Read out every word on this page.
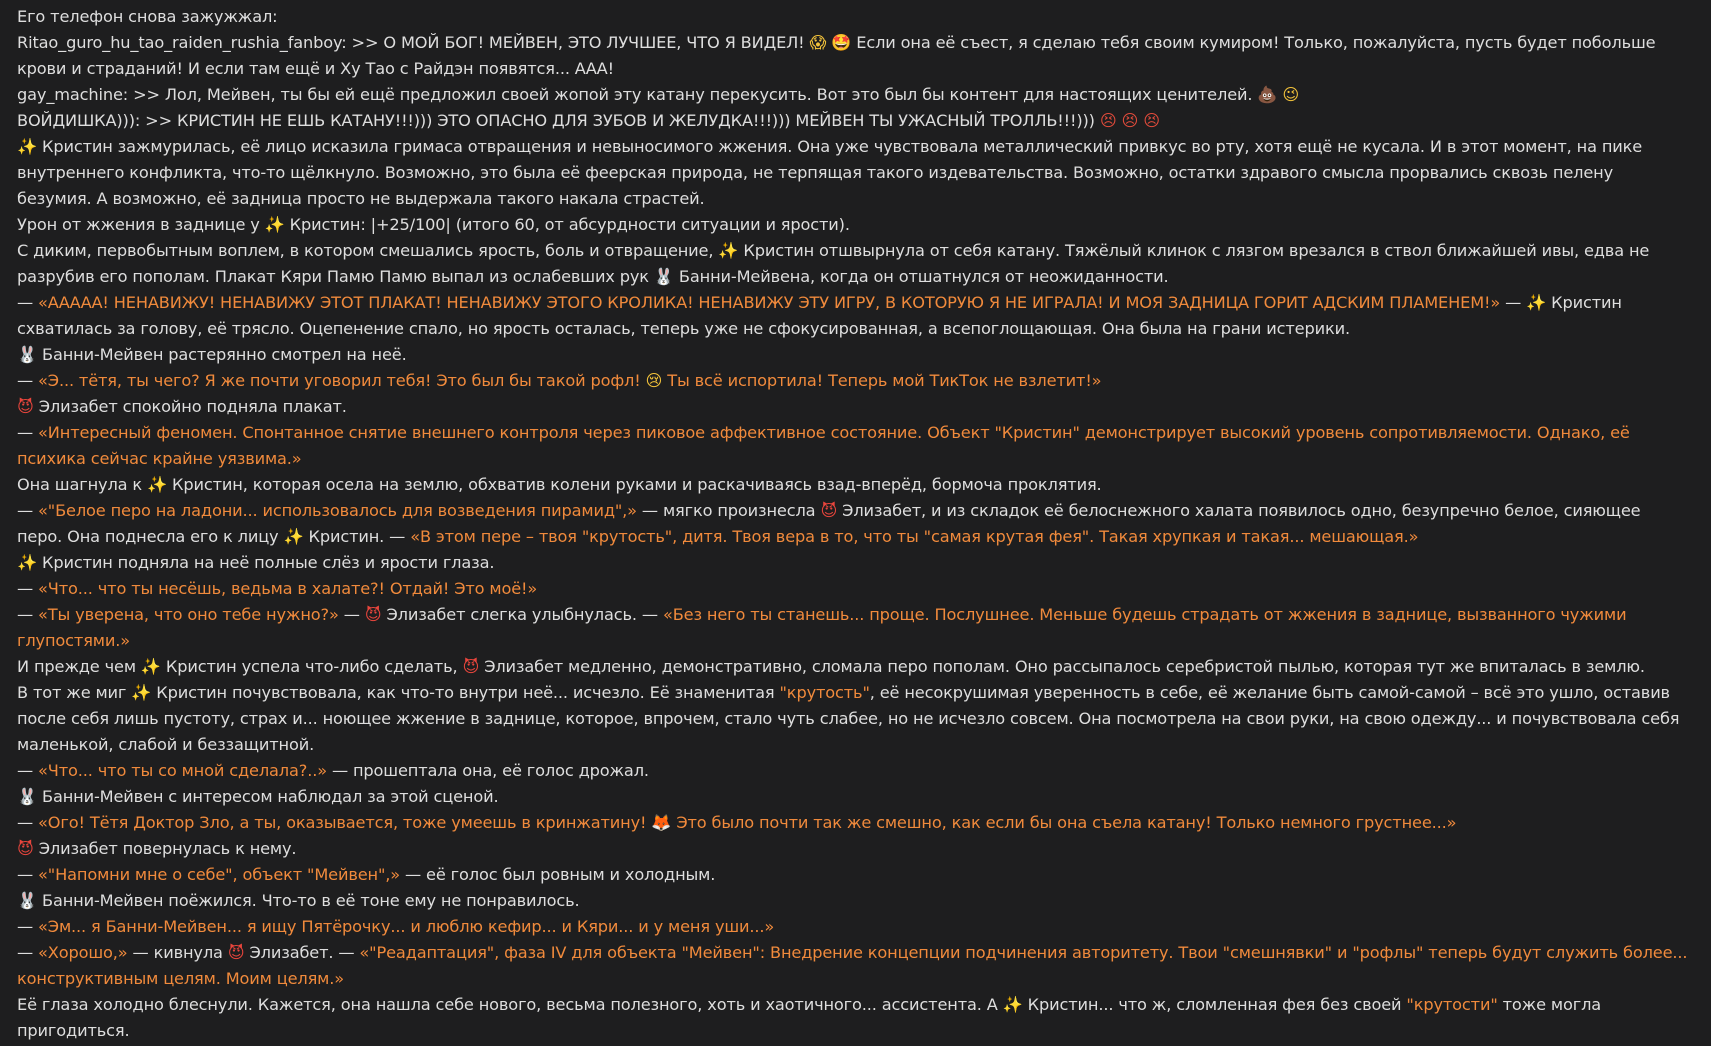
Его телефон снова зажужжал:
Ritao_guro_hu_tao_raiden_rushia_fanboy: >> О МОЙ БОГ! МЕЙВЕН, ЭТО ЛУЧШЕЕ, ЧТО Я ВИДЕЛ! 😱 🤩 Если она её съест, я сделаю тебя своим кумиром! Только, пожалуйста, пусть будет побольше крови и страданий! И если там ещё и Ху Тао с Райдэн появятся... ААА!
gay_machine: >> Лол, Мейвен, ты бы ей ещё предложил своей жопой эту катану перекусить. Вот это был бы контент для настоящих ценителей. 💩 😉
ВОЙДИШКА))): >> КРИСТИН НЕ ЕШЬ КАТАНУ!!!))) ЭТО ОПАСНО ДЛЯ ЗУБОВ И ЖЕЛУДКА!!!))) МЕЙВЕН ТЫ УЖАСНЫЙ ТРОЛЛЬ!!!))) 😣 😣 😣
✨ Кристин зажмурилась, её лицо исказила гримаса отвращения и невыносимого жжения. Она уже чувствовала металлический привкус во рту, хотя ещё не кусала. И в этот момент, на пике внутреннего конфликта, что-то щёлкнуло. Возможно, это была её феерская природа, не терпящая такого издевательства. Возможно, остатки здравого смысла прорвались сквозь пелену безумия. А возможно, её задница просто не выдержала такого накала страстей.
Урон от жжения в заднице у ✨ Кристин: |+25/100| (итого 60, от абсурдности ситуации и ярости).
С диким, первобытным воплем, в котором смешались ярость, боль и отвращение, ✨ Кристин отшвырнула от себя катану. Тяжёлый клинок с лязгом врезался в ствол ближайшей ивы, едва не разрубив его пополам. Плакат Кяри Памю Памю выпал из ослабевших рук 🐰 Банни-Мейвена, когда он отшатнулся от неожиданности.
— «ААААА! НЕНАВИЖУ! НЕНАВИЖУ ЭТОТ ПЛАКАТ! НЕНАВИЖУ ЭТОГО КРОЛИКА! НЕНАВИЖУ ЭТУ ИГРУ, В КОТОРУЮ Я НЕ ИГРАЛА! И МОЯ ЗАДНИЦА ГОРИТ АДСКИМ ПЛАМЕНЕМ!» — ✨ Кристин схватилась за голову, её трясло. Оцепенение спало, но ярость осталась, теперь уже не сфокусированная, а всепоглощающая. Она была на грани истерики.
🐰 Банни-Мейвен растерянно смотрел на неё.
— «Э... тётя, ты чего? Я же почти уговорил тебя! Это был бы такой рофл! 😢 Ты всё испортила! Теперь мой ТикТок не взлетит!»
😈 Элизабет спокойно подняла плакат.
— «Интересный феномен. Спонтанное снятие внешнего контроля через пиковое аффективное состояние. Объект "Кристин" демонстрирует высокий уровень сопротивляемости. Однако, её психика сейчас крайне уязвима.»
Она шагнула к ✨ Кристин, которая осела на землю, обхватив колени руками и раскачиваясь взад-вперёд, бормоча проклятия.
— «"Белое перо на ладони... использовалось для возведения пирамид",» — мягко произнесла 😈 Элизабет, и из складок её белоснежного халата появилось одно, безупречно белое, сияющее перо. Она поднесла его к лицу ✨ Кристин. — «В этом пере – твоя "крутость", дитя. Твоя вера в то, что ты "самая крутая фея". Такая хрупкая и такая... мешающая.»
✨ Кристин подняла на неё полные слёз и ярости глаза.
— «Что... что ты несёшь, ведьма в халате?! Отдай! Это моё!»
— «Ты уверена, что оно тебе нужно?» — 😈 Элизабет слегка улыбнулась. — «Без него ты станешь... проще. Послушнее. Меньше будешь страдать от жжения в заднице, вызванного чужими глупостями.»
И прежде чем ✨ Кристин успела что-либо сделать, 😈 Элизабет медленно, демонстративно, сломала перо пополам. Оно рассыпалось серебристой пылью, которая тут же впиталась в землю.
В тот же миг ✨ Кристин почувствовала, как что-то внутри неё... исчезло. Её знаменитая "крутость", её несокрушимая уверенность в себе, её желание быть самой-самой – всё это ушло, оставив после себя лишь пустоту, страх и... ноющее жжение в заднице, которое, впрочем, стало чуть слабее, но не исчезло совсем. Она посмотрела на свои руки, на свою одежду... и почувствовала себя маленькой, слабой и беззащитной.
— «Что... что ты со мной сделала?..» — прошептала она, её голос дрожал.
🐰 Банни-Мейвен с интересом наблюдал за этой сценой.
— «Ого! Тётя Доктор Зло, а ты, оказывается, тоже умеешь в кринжатину! 🦊 Это было почти так же смешно, как если бы она съела катану! Только немного грустнее...»
😈 Элизабет повернулась к нему.
— «"Напомни мне о себе", объект "Мейвен",» — её голос был ровным и холодным.
🐰 Банни-Мейвен поёжился. Что-то в её тоне ему не понравилось.
— «Эм... я Банни-Мейвен... я ищу Пятёрочку... и люблю кефир... и Кяри... и у меня уши...»
— «Хорошо,» — кивнула 😈 Элизабет. — «"Реадаптация", фаза IV для объекта "Мейвен": Внедрение концепции подчинения авторитету. Твои "смешнявки" и "рофлы" теперь будут служить более... конструктивным целям. Моим целям.»
Её глаза холодно блеснули. Кажется, она нашла себе нового, весьма полезного, хоть и хаотичного... ассистента. А ✨ Кристин... что ж, сломленная фея без своей "крутости" тоже могла пригодиться.
